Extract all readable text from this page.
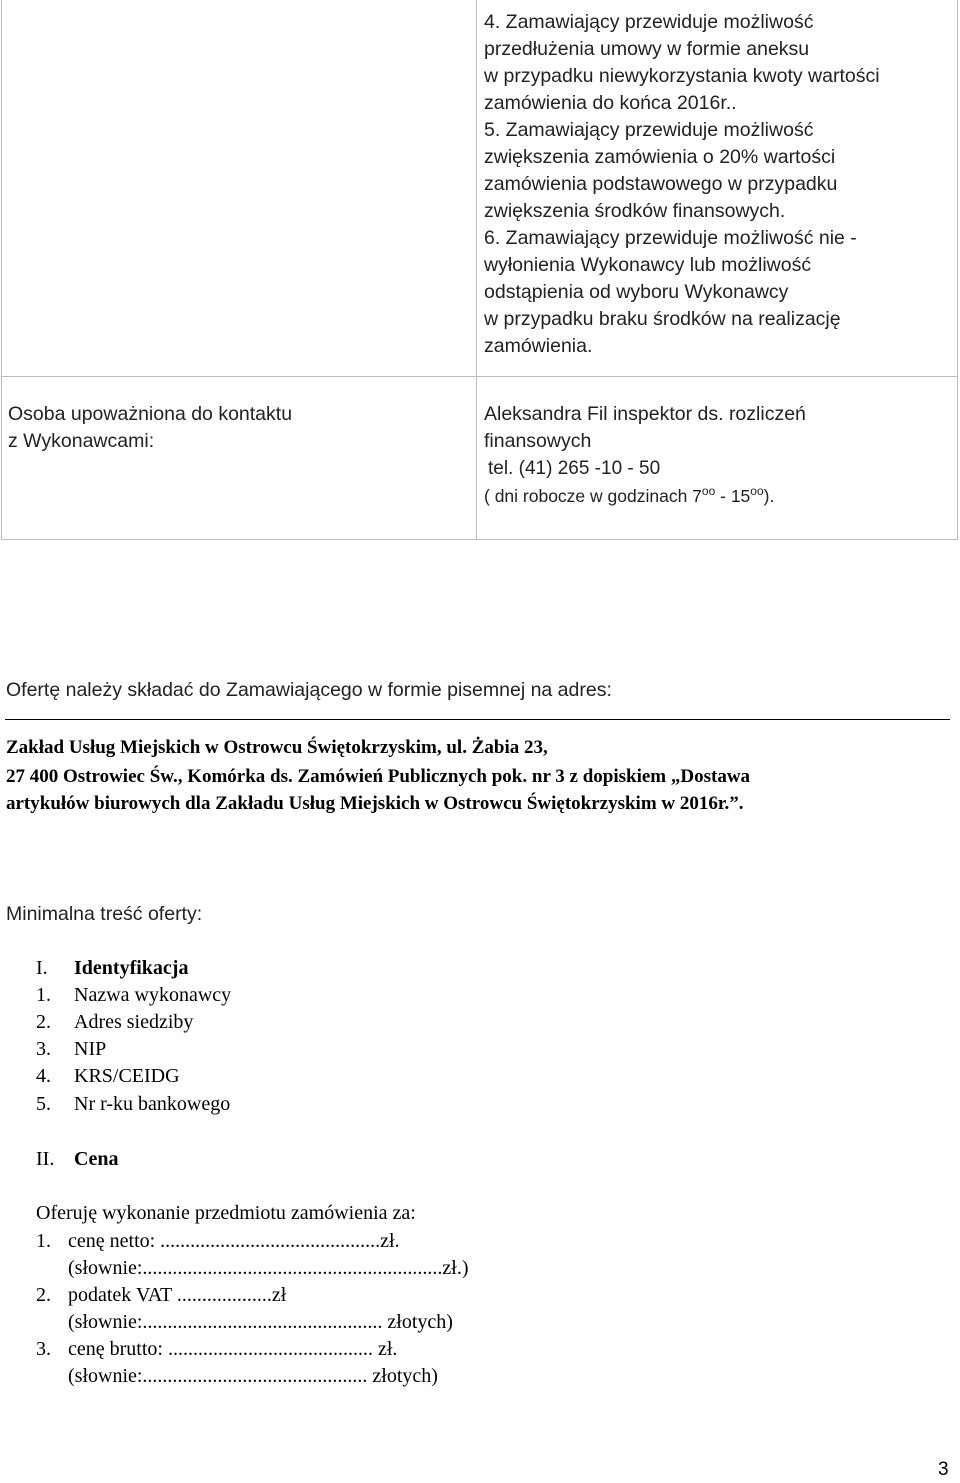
4. Zamawiający przewiduje możliwość
przedłużenia umowy w formie aneksu
w przypadku niewykorzystania kwoty wartości
zamówienia do końca 2016r..
5. Zamawiający przewiduje możliwość
zwiększenia zamówienia o 20% wartości
zamówienia podstawowego w przypadku
zwiększenia środków finansowych.
6. Zamawiający przewiduje możliwość nie -
wyłonienia Wykonawcy lub możliwość
odstąpienia od wyboru Wykonawcy
w przypadku braku środków na realizację
zamówienia.
Osoba upoważniona do kontaktu
z Wykonawcami:
Aleksandra Fil inspektor ds. rozliczeń
finansowych
tel. (41) 265 -10 - 50
( dni robocze w godzinach $7^{oo} - 15^{oo}$).
Ofertę należy składać do Zamawiającego w formie pisemnej na adres:
Zakład Usług Miejskich w Ostrowcu Świętokrzyskim, ul. Żabia 23,
27 400 Ostrowiec Św., Komórka ds. Zamówień Publicznych pok. nr 3 z dopiskiem „Dostawa
artykułów biurowych dla Zakładu Usług Miejskich w Ostrowcu Świętokrzyskim w 2016r.”.
Minimalna treść oferty:
I. Identyfikacja
1. Nazwa wykonawcy
2. Adres siedziby
3. NIP
4. KRS/CEIDG
5. Nr r-ku bankowego
II. Cena
Oferuję wykonanie przedmiotu zamówienia za:
1. cenę netto: ............................................zł.
(słownie:............................................................zł.)
2. podatek VAT ...................zł
(słownie:................................................ złotych)
3. cenę brutto: ......................................... zł.
(słownie:............................................. złotych)
3
